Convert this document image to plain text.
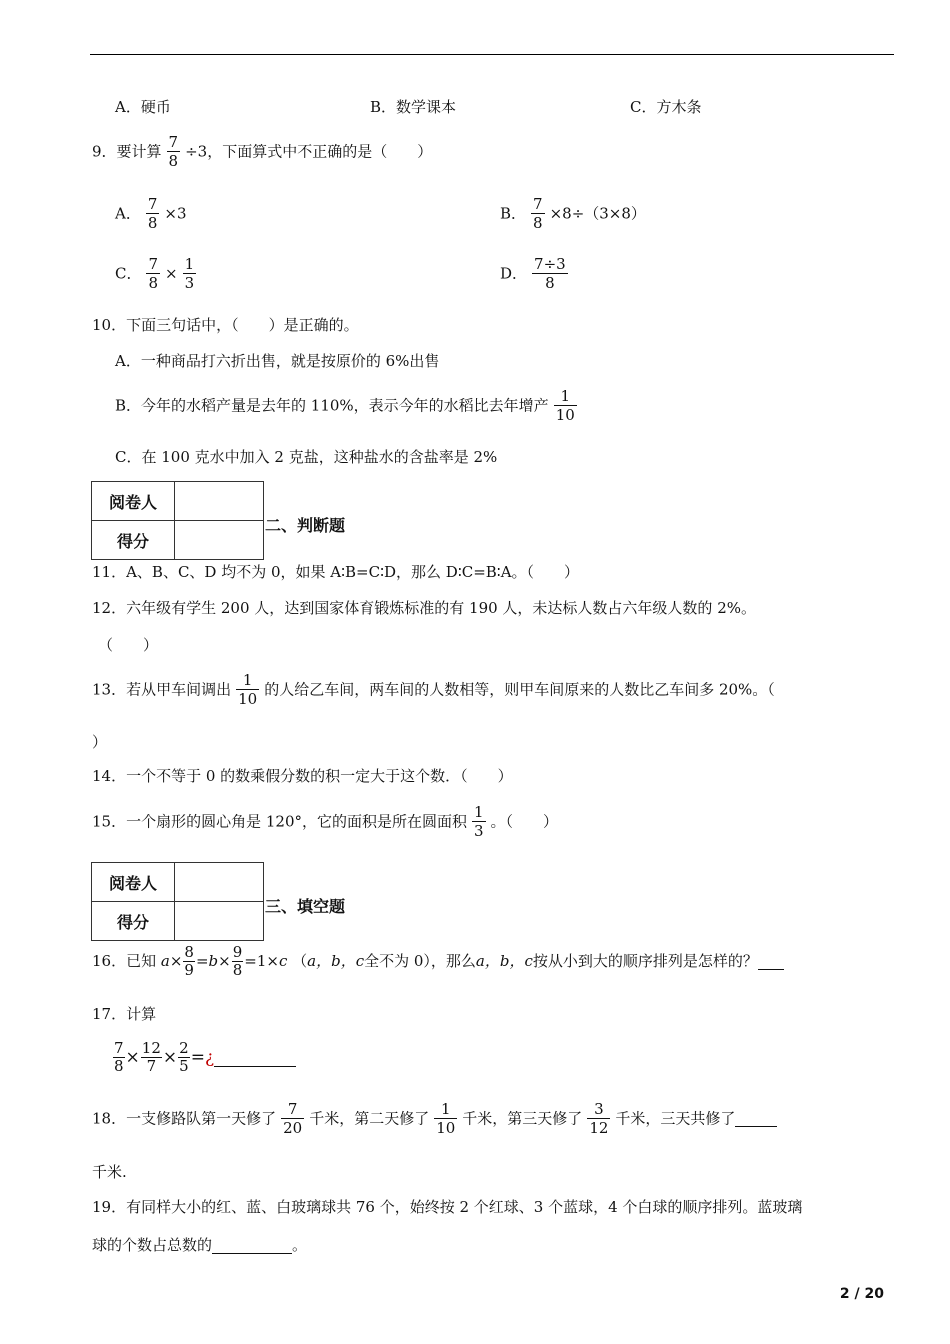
A．硬币	B．数学课本	C．方木条
9．要计算 $\frac{7}{8} \div 3$，下面算式中不正确的是（　　）
A． $\frac{7}{8} \times 3$	B． $\frac{7}{8} \times 8\div(3\times 8)$
C． $\frac{7}{8} \times \frac{1}{3}$	D． $\frac{7\div 3}{8}$
10．下面三句话中，（　　）是正确的。
A．一种商品打六折出售，就是按原价的 6%出售
B．今年的水稻产量是去年的 110%，表示今年的水稻比去年增产 $\frac{1}{10}$
C．在 100 克水中加入 2 克盐，这种盐水的含盐率是 2%
阅卷人	
得分	
二、判断题
11．A、B、C、D 均不为 0，如果 A∶B=C∶D，那么 D∶C=B∶A。（　　）
12．六年级有学生 200 人，达到国家体育锻炼标准的有 190 人，未达标人数占六年级人数的 2%。
（　　）
13．若从甲车间调出 $\frac{1}{10}$ 的人给乙车间，两车间的人数相等，则甲车间原来的人数比乙车间多 20%。（
）
14．一个不等于 0 的数乘假分数的积一定大于这个数．（　　）
15．一个扇形的圆心角是 120°，它的面积是所在圆面积 $\frac{1}{3}$ 。（　　）
阅卷人	
得分	
三、填空题
16．已知 $a\times \frac{8}{9} =b\times \frac{9}{8} =1\times c$ （a，b，c全不为 0），那么a，b，c按从小到大的顺序排列是怎样的？
17．计算
$\frac{7}{8} \times \frac{12}{7} \times \frac{2}{5}$ =¿
18．一支修路队第一天修了 $\frac{7}{20}$ 千米，第二天修了 $\frac{1}{10}$ 千米，第三天修了 $\frac{3}{12}$ 千米，三天共修了
千米.
19．有同样大小的红、蓝、白玻璃球共 76 个，始终按 2 个红球、3 个蓝球，4 个白球的顺序排列。蓝玻璃
球的个数占总数的	。
2 / 20
